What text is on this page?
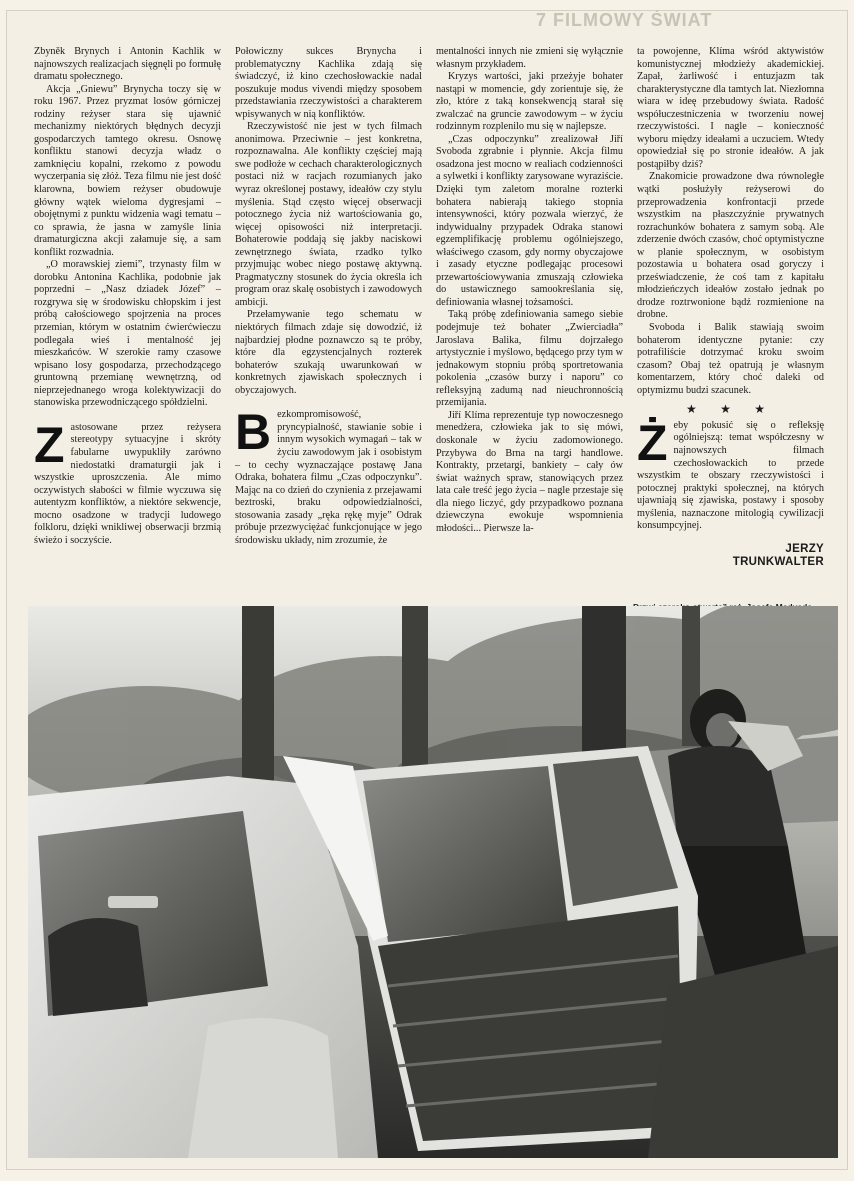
7 FILMOWY ŚWIAT

Zbyněk Brynych i Antonin Kachlik w najnowszych realizacjach sięgnęli po formułę dramatu społecznego.

Akcja „Gniewu” Brynycha toczy się w roku 1967. Przez pryzmat losów górniczej rodziny reżyser stara się ujawnić mechanizmy niektórych błędnych decyzji gospodarczych tamtego okresu. Osnowę konfliktu stanowi decyzja władz o zamknięciu kopalni, rzekomo z powodu wyczerpania się złóż. Teza filmu nie jest dość klarowna, bowiem reżyser obudowuje główny wątek wieloma dygresjami – obojętnymi z punktu widzenia wagi tematu – co sprawia, że jasna w zamyśle linia dramaturgiczna akcji załamuje się, a sam konflikt rozwadnia.

„O morawskiej ziemi”, trzynasty film w dorobku Antonina Kachlika, podobnie jak poprzedni – „Nasz dziadek Józef” – rozgrywa się w środowisku chłopskim i jest próbą całościowego spojrzenia na proces przemian, którym w ostatnim ćwierćwieczu podlegała wieś i mentalność jej mieszkańców. W szerokie ramy czasowe wpisano losy gospodarza, przechodzącego gruntowną przemianę wewnętrzną, od nieprzejednanego wroga kolektywizacji do stanowiska przewodniczącego spółdzielni.

Zastosowane przez reżysera stereotypy sytuacyjne i skróty fabularne uwypukliły zarówno niedostatki dramaturgii jak i wszystkie uproszczenia. Ale mimo oczywistych słabości w filmie wyczuwa się autentyzm konfliktów, a niektóre sekwencje, mocno osadzone w tradycji ludowego folkloru, dzięki wnikliwej obserwacji brzmią świeżo i soczyście.

Połowiczny sukces Brynycha i problematyczny Kachlika zdają się świadczyć, iż kino czechosłowackie nadal poszukuje modus vivendi między sposobem przedstawiania rzeczywistości a charakterem wpisywanych w nią konfliktów.

Rzeczywistość nie jest w tych filmach anonimowa. Przeciwnie – jest konkretna, rozpoznawalna. Ale konflikty częściej mają swe podłoże w cechach charakterologicznych postaci niż w racjach rozumianych jako wyraz określonej postawy, ideałów czy stylu myślenia. Stąd często więcej obserwacji potocznego życia niż wartościowania go, więcej opisowości niż interpretacji. Bohaterowie poddają się jakby naciskowi zewnętrznego świata, rzadko tylko przyjmując wobec niego postawę aktywną. Pragmatyczny stosunek do życia określa ich program oraz skalę osobistych i zawodowych ambicji.

Przełamywanie tego schematu w niektórych filmach zdaje się dowodzić, iż najbardziej płodne poznawczo są te próby, które dla egzystencjalnych rozterek bohaterów szukają uwarunkowań w konkretnych zjawiskach społecznych i obyczajowych.

Bezkompromisowość, pryncypialność, stawianie sobie i innym wysokich wymagań – tak w życiu zawodowym jak i osobistym – to cechy wyznaczające postawę Jana Odraka, bohatera filmu „Czas odpoczynku”. Mając na co dzień do czynienia z przejawami beztroski, braku odpowiedzialności, stosowania zasady „ręka rękę myje” Odrak próbuje przezwyciężać funkcjonujące w jego środowisku układy, nim zrozumie, że

mentalności innych nie zmieni się wyłącznie własnym przykładem.

Kryzys wartości, jaki przeżyje bohater nastąpi w momencie, gdy zorientuje się, że zło, które z taką konsekwencją starał się zwalczać na gruncie zawodowym – w życiu rodzinnym rozplenilo mu się w najlepsze.

„Czas odpoczynku” zrealizował Jiří Svoboda zgrabnie i płynnie. Akcja filmu osadzona jest mocno w realiach codzienności a sylwetki i konflikty zarysowane wyraziście. Dzięki tym zaletom moralne rozterki bohatera nabierają takiego stopnia intensywności, który pozwala wierzyć, że indywidualny przypadek Odraka stanowi egzemplifikację problemu ogólniejszego, właściwego czasom, gdy normy obyczajowe i zasady etyczne podlegając procesowi przewartościowywania zmuszają człowieka do ustawicznego samookreślania się, definiowania własnej tożsamości.

Taką próbę zdefiniowania samego siebie podejmuje też bohater „Zwierciadła” Jaroslava Balika, filmu dojrzałego artystycznie i myślowo, będącego przy tym w jednakowym stopniu próbą sportretowania pokolenia „czasów burzy i naporu” co refleksyjną zadumą nad nieuchronnością przemijania.

Jiří Klíma reprezentuje typ nowoczesnego menedżera, człowieka jak to się mówi, doskonale w życiu zadomowionego. Przybywa do Brna na targi handlowe. Kontrakty, przetargi, bankiety – cały ów świat ważnych spraw, stanowiących przez lata całe treść jego życia – nagle przestaje się dla niego liczyć, gdy przypadkowo poznana dziewczyna ewokuje wspomnienia młodości... Pierwsze la-

ta powojenne, Klíma wśród aktywistów komunistycznej młodzieży akademickiej. Zapał, żarliwość i entuzjazm tak charakterystyczne dla tamtych lat. Niezłomna wiara w ideę przebudowy świata. Radość współuczestniczenia w tworzeniu nowej rzeczywistości. I nagle – konieczność wyboru między ideałami a uczuciem. Wtedy opowiedział się po stronie ideałów. A jak postąpiłby dziś?

Znakomicie prowadzone dwa równoległe wątki posłużyły reżyserowi do przeprowadzenia konfrontacji przede wszystkim na płaszczyźnie prywatnych rozrachunków bohatera z samym sobą. Ale zderzenie dwóch czasów, choć optymistyczne w planie społecznym, w osobistym pozostawia u bohatera osad goryczy i przeświadczenie, że coś tam z kapitału młodzieńczych ideałów zostało jednak po drodze roztrwonione bądź rozmienione na drobne.

Svoboda i Balik stawiają swoim bohaterom identyczne pytanie: czy potrafiliście dotrzymać kroku swoim czasom? Obaj też opatrują je własnym komentarzem, który choć daleki od optymizmu budzi szacunek.

★ ★ ★

Żeby pokusić się o refleksję ogólniejszą: temat współczesny w najnowszych filmach czechosłowackich to przede wszystkim te obszary rzeczywistości i potocznej praktyki społecznej, na których ujawniają się zjawiska, postawy i sposoby myślenia, naznaczone mitologią cywilizacji konsumpcyjnej.

JERZY
TRUNKWALTER
